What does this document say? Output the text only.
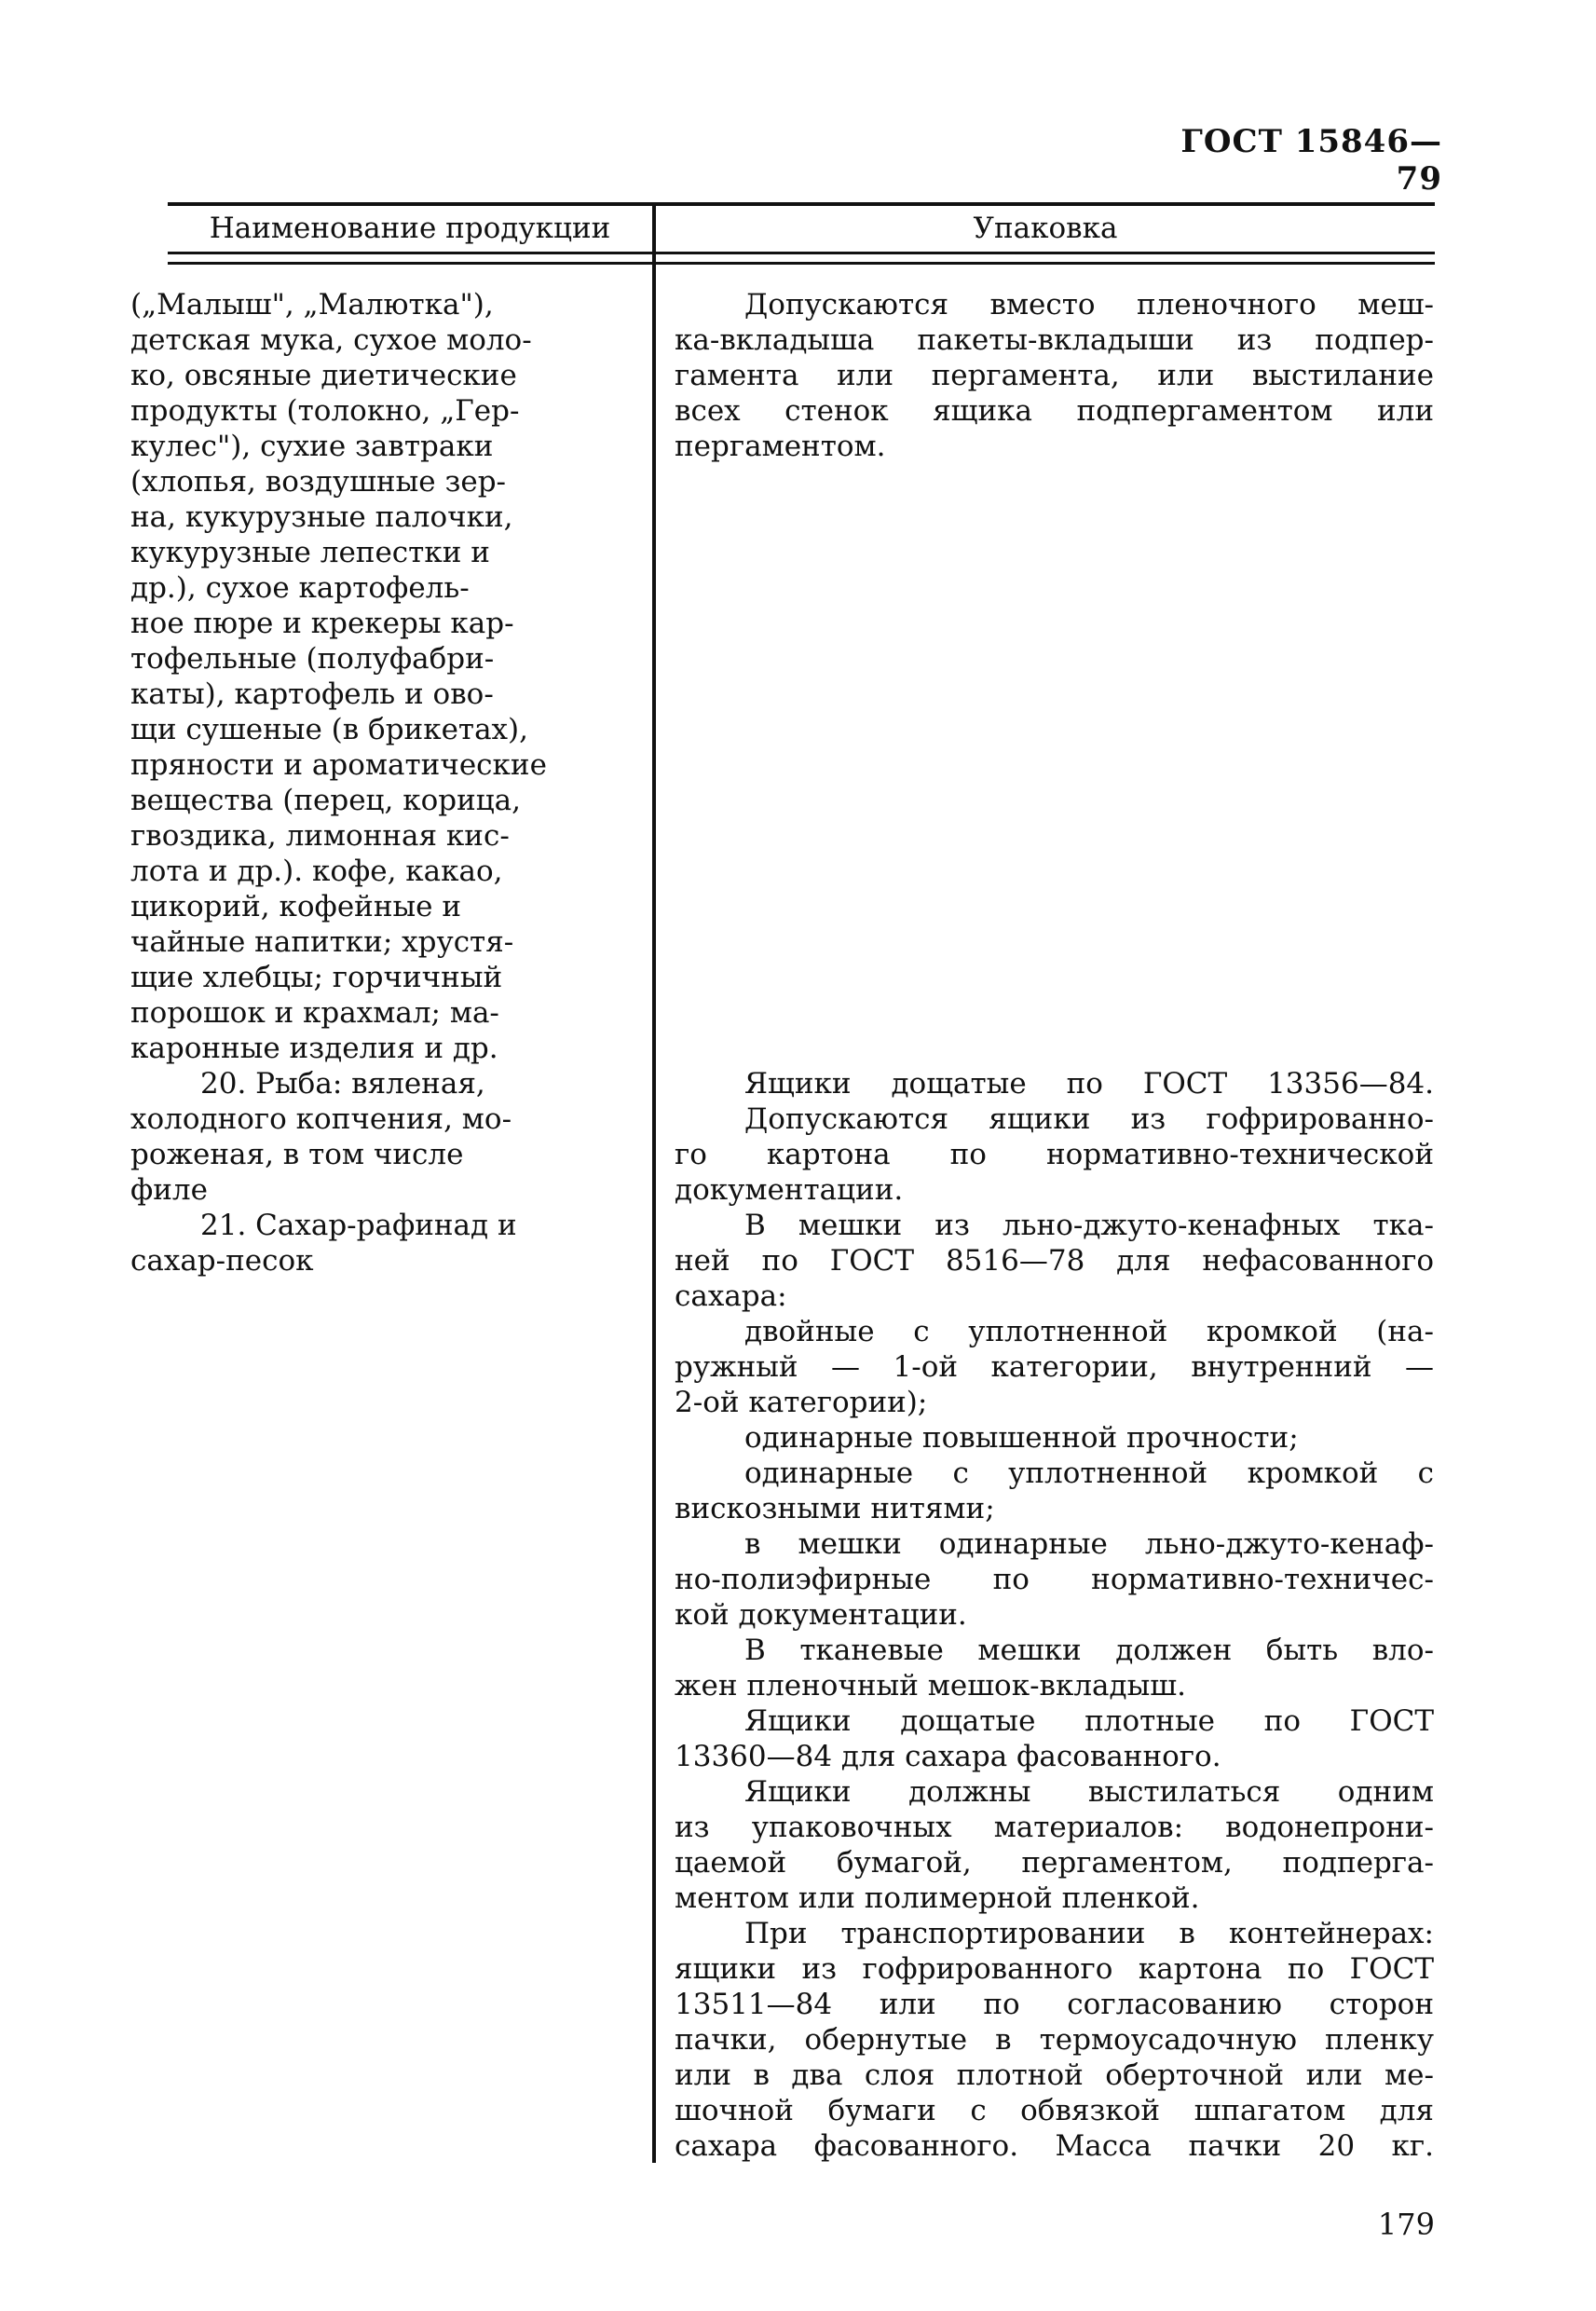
ГОСТ 15846—79
Наименование продукции	Упаковка
(„Малыш", „Малютка"),
детская мука, сухое моло-
ко, овсяные диетические
продукты (толокно, „Гер-
кулес"), сухие завтраки
(хлопья, воздушные зер-
на, кукурузные палочки,
кукурузные лепестки и
др.), сухое картофель-
ное пюре и крекеры кар-
тофельные (полуфабри-
каты), картофель и ово-
щи сушеные (в брикетах),
пряности и ароматические
вещества (перец, корица,
гвоздика, лимонная кис-
лота и др.). кофе, какао,
цикорий, кофейные и
чайные напитки; хрустя-
щие хлебцы; горчичный
порошок и крахмал; ма-
каронные изделия и др.
20. Рыба: вяленая,
холодного копчения, мо-
роженая, в том числе
филе
21. Сахар-рафинад и
сахар-песок
Допускаются вместо пленочного меш-
ка-вкладыша пакеты-вкладыши из подпер-
гамента или пергамента, или выстилание
всех стенок ящика подпергаментом или
пергаментом.
Ящики дощатые по ГОСТ 13356—84.
Допускаются ящики из гофрированно-
го картона по нормативно-технической
документации.
В мешки из льно-джуто-кенафных тка-
ней по ГОСТ 8516—78 для нефасованного
сахара:
двойные с уплотненной кромкой (на-
ружный — 1-ой категории, внутренний —
2-ой категории);
одинарные повышенной прочности;
одинарные с уплотненной кромкой с
вискозными нитями;
в мешки одинарные льно-джуто-кенаф-
но-полиэфирные по нормативно-техничес-
кой документации.
В тканевые мешки должен быть вло-
жен пленочный мешок-вкладыш.
Ящики дощатые плотные по ГОСТ
13360—84 для сахара фасованного.
Ящики должны выстилаться одним
из упаковочных материалов: водонепрони-
цаемой бумагой, пергаментом, подперга-
ментом или полимерной пленкой.
При транспортировании в контейнерах:
ящики из гофрированного картона по ГОСТ
13511—84 или по согласованию сторон
пачки, обернутые в термоусадочную пленку
или в два слоя плотной оберточной или ме-
шочной бумаги с обвязкой шпагатом для
сахара фасованного. Масса пачки 20 кг.
179
